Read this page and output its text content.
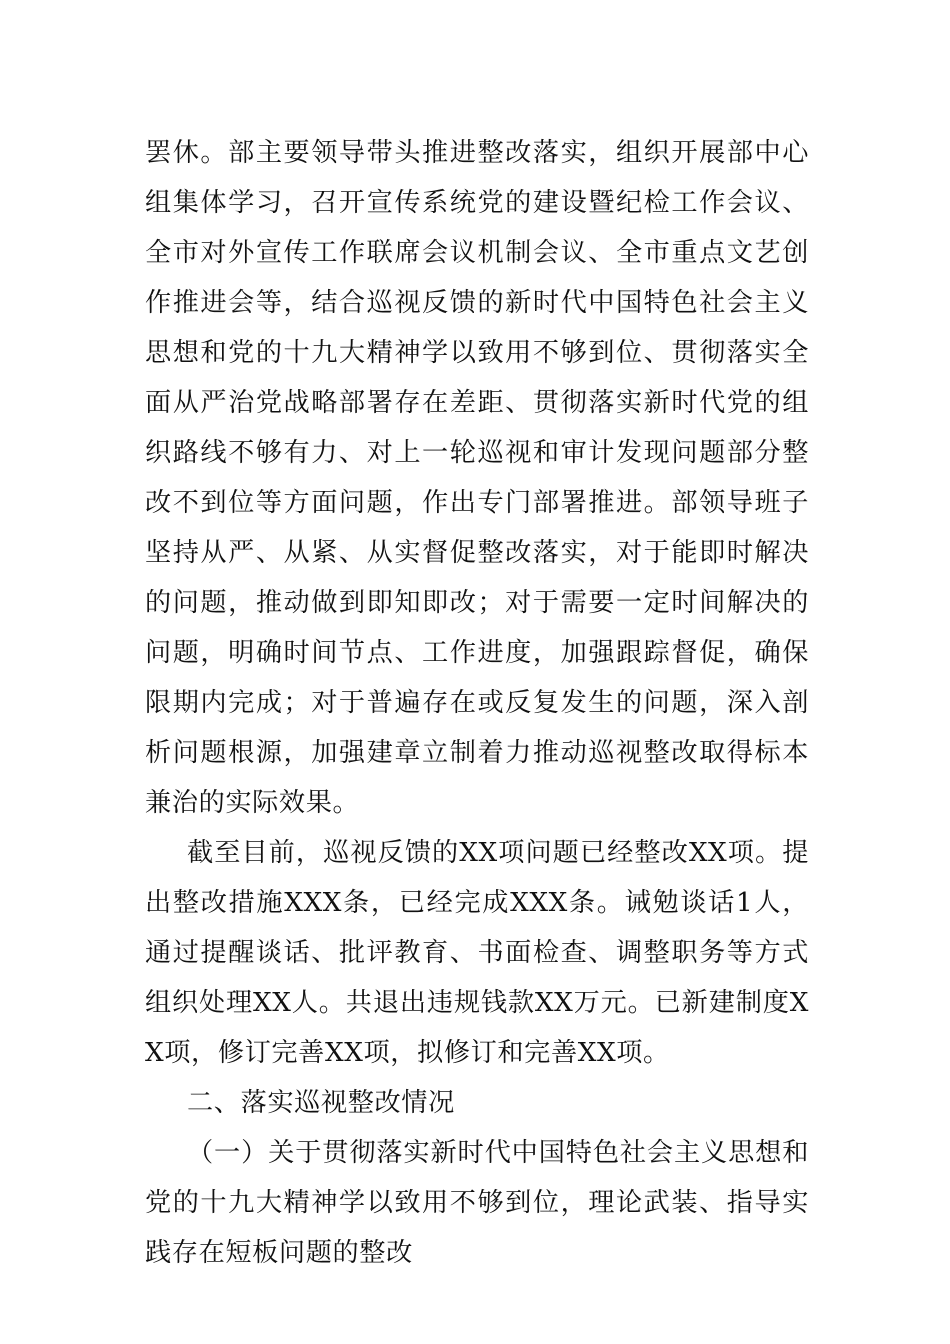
罢休。部主要领导带头推进整改落实，组织开展部中心组集体学习，召开宣传系统党的建设暨纪检工作会议、全市对外宣传工作联席会议机制会议、全市重点文艺创作推进会等，结合巡视反馈的新时代中国特色社会主义思想和党的十九大精神学以致用不够到位、贯彻落实全面从严治党战略部署存在差距、贯彻落实新时代党的组织路线不够有力、对上一轮巡视和审计发现问题部分整改不到位等方面问题，作出专门部署推进。部领导班子坚持从严、从紧、从实督促整改落实，对于能即时解决的问题，推动做到即知即改；对于需要一定时间解决的问题，明确时间节点、工作进度，加强跟踪督促，确保限期内完成；对于普遍存在或反复发生的问题，深入剖析问题根源，加强建章立制着力推动巡视整改取得标本兼治的实际效果。

截至目前，巡视反馈的XX项问题已经整改XX项。提出整改措施XXX条，已经完成XXX条。诫勉谈话1人，通过提醒谈话、批评教育、书面检查、调整职务等方式组织处理XX人。共退出违规钱款XX万元。已新建制度XX项，修订完善XX项，拟修订和完善XX项。

二、落实巡视整改情况

（一）关于贯彻落实新时代中国特色社会主义思想和党的十九大精神学以致用不够到位，理论武装、指导实践存在短板问题的整改
